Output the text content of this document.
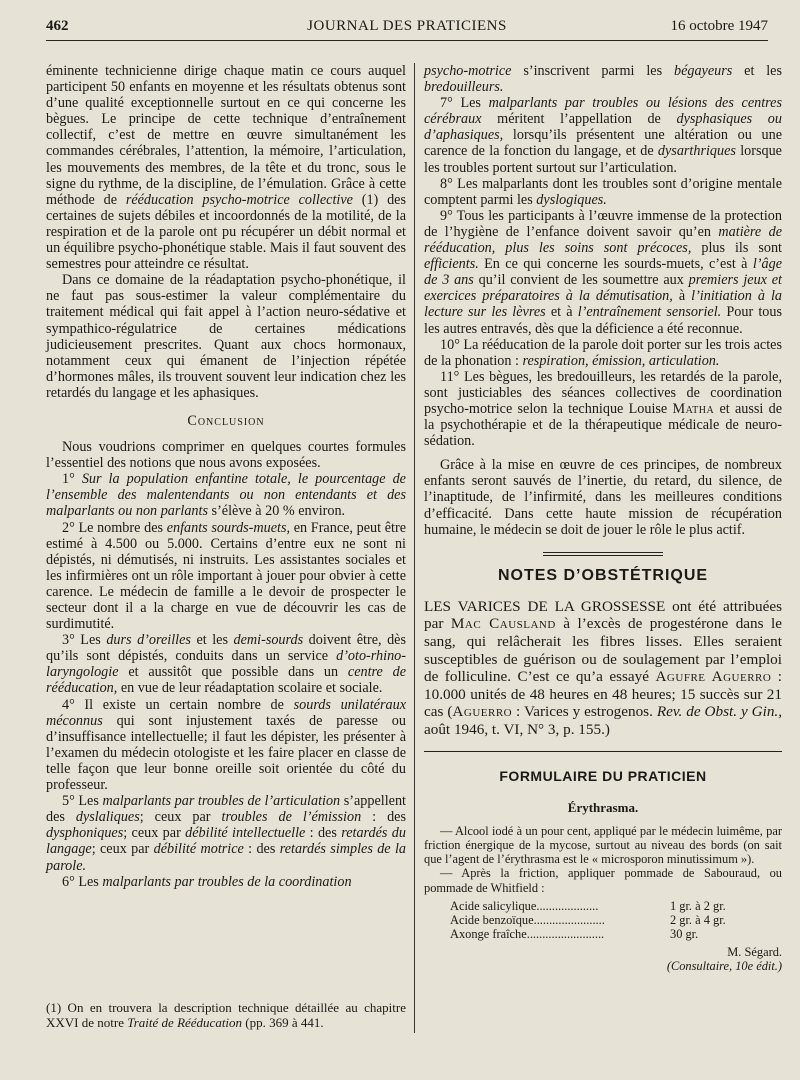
462	JOURNAL DES PRATICIENS	16 octobre 1947

éminente technicienne dirige chaque matin ce cours auquel participent 50 enfants en moyenne et les résultats obtenus sont d’une qualité exceptionnelle surtout en ce qui concerne les bègues. Le principe de cette technique d’entraînement collectif, c’est de mettre en œuvre simultanément les commandes cérébrales, l’attention, la mémoire, l’articulation, les mouvements des membres, de la tête et du tronc, sous le signe du rythme, de la discipline, de l’émulation. Grâce à cette méthode de rééducation psycho-motrice collective (1) des certaines de sujets débiles et incoordonnés de la motilité, de la respiration et de la parole ont pu récupérer un débit normal et un équilibre psycho-phonétique stable. Mais il faut souvent des semestres pour atteindre ce résultat.

Dans ce domaine de la réadaptation psycho-phonétique, il ne faut pas sous-estimer la valeur complémentaire du traitement médical qui fait appel à l’action neuro-sédative et sympathico-régulatrice de certaines médications judicieusement prescrites. Quant aux chocs hormonaux, notamment ceux qui émanent de l’injection répétée d’hormones mâles, ils trouvent souvent leur indication chez les retardés du langage et les aphasiques.

Conclusion

Nous voudrions comprimer en quelques courtes formules l’essentiel des notions que nous avons exposées.

1° Sur la population enfantine totale, le pourcentage de l’ensemble des malentendants ou non entendants et des malparlants ou non parlants s’élève à 20 % environ.

2° Le nombre des enfants sourds-muets, en France, peut être estimé à 4.500 ou 5.000. Certains d’entre eux ne sont ni dépistés, ni démutisés, ni instruits. Les assistantes sociales et les infirmières ont un rôle important à jouer pour obvier à cette carence. Le médecin de famille a le devoir de prospecter le secteur dont il a la charge en vue de découvrir les cas de surdimutité.

3° Les durs d’oreilles et les demi-sourds doivent être, dès qu’ils sont dépistés, conduits dans un service d’oto-rhino-laryngologie et aussitôt que possible dans un centre de rééducation, en vue de leur réadaptation scolaire et sociale.

4° Il existe un certain nombre de sourds unilatéraux méconnus qui sont injustement taxés de paresse ou d’insuffisance intellectuelle; il faut les dépister, les présenter à l’examen du médecin otologiste et les faire placer en classe de telle façon que leur bonne oreille soit orientée du côté du professeur.

5° Les malparlants par troubles de l’articulation s’appellent des dyslaliques; ceux par troubles de l’émission : des dysphoniques; ceux par débilité intellectuelle : des retardés du langage; ceux par débilité motrice : des retardés simples de la parole.

6° Les malparlants par troubles de la coordination

(1) On en trouvera la description technique détaillée au chapitre XXVI de notre Traité de Rééducation (pp. 369 à 441.

psycho-motrice s’inscrivent parmi les bégayeurs et les bredouilleurs.

7° Les malparlants par troubles ou lésions des centres cérébraux méritent l’appellation de dysphasiques ou d’aphasiques, lorsqu’ils présentent une altération ou une carence de la fonction du langage, et de dysarthriques lorsque les troubles portent surtout sur l’articulation.

8° Les malparlants dont les troubles sont d’origine mentale comptent parmi les dyslogiques.

9° Tous les participants à l’œuvre immense de la protection de l’hygiène de l’enfance doivent savoir qu’en matière de rééducation, plus les soins sont précoces, plus ils sont efficients. En ce qui concerne les sourds-muets, c’est à l’âge de 3 ans qu’il convient de les soumettre aux premiers jeux et exercices préparatoires à la démutisation, à l’initiation à la lecture sur les lèvres et à l’entraînement sensoriel. Pour tous les autres entravés, dès que la déficience a été reconnue.

10° La rééducation de la parole doit porter sur les trois actes de la phonation : respiration, émission, articulation.

11° Les bègues, les bredouilleurs, les retardés de la parole, sont justiciables des séances collectives de coordination psycho-motrice selon la technique Louise Matha et aussi de la psychothérapie et de la thérapeutique médicale de neuro-sédation.

Grâce à la mise en œuvre de ces principes, de nombreux enfants seront sauvés de l’inertie, du retard, du silence, de l’inaptitude, de l’infirmité, dans les meilleures conditions d’efficacité. Dans cette haute mission de récupération humaine, le médecin se doit de jouer le rôle le plus actif.

NOTES D’OBSTÉTRIQUE

LES VARICES DE LA GROSSESSE ont été attribuées par Mac Causland à l’excès de progestérone dans le sang, qui relâcherait les fibres lisses. Elles seraient susceptibles de guérison ou de soulagement par l’emploi de folliculine. C’est ce qu’a essayé Agufre Aguerro : 10.000 unités de 48 heures en 48 heures; 15 succès sur 21 cas (Aguerro : Varices y estrogenos. Rev. de Obst. y Gin., août 1946, t. VI, N° 3, p. 155.)

FORMULAIRE DU PRATICIEN
Érythrasma.

— Alcool iodé à un pour cent, appliqué par le médecin luimême, par friction énergique de la mycose, surtout au niveau des bords (on sait que l’agent de l’érythrasma est le « microsporon minutissimum »).

— Après la friction, appliquer pommade de Sabouraud, ou pommade de Whitfield :

Acide salicylique....................	1 gr. à 2 gr.
Acide benzoïque.......................	2 gr. à 4 gr.
Axonge fraîche.........................	30 gr.
M. Ségard.
(Consultaire, 10e édit.)
